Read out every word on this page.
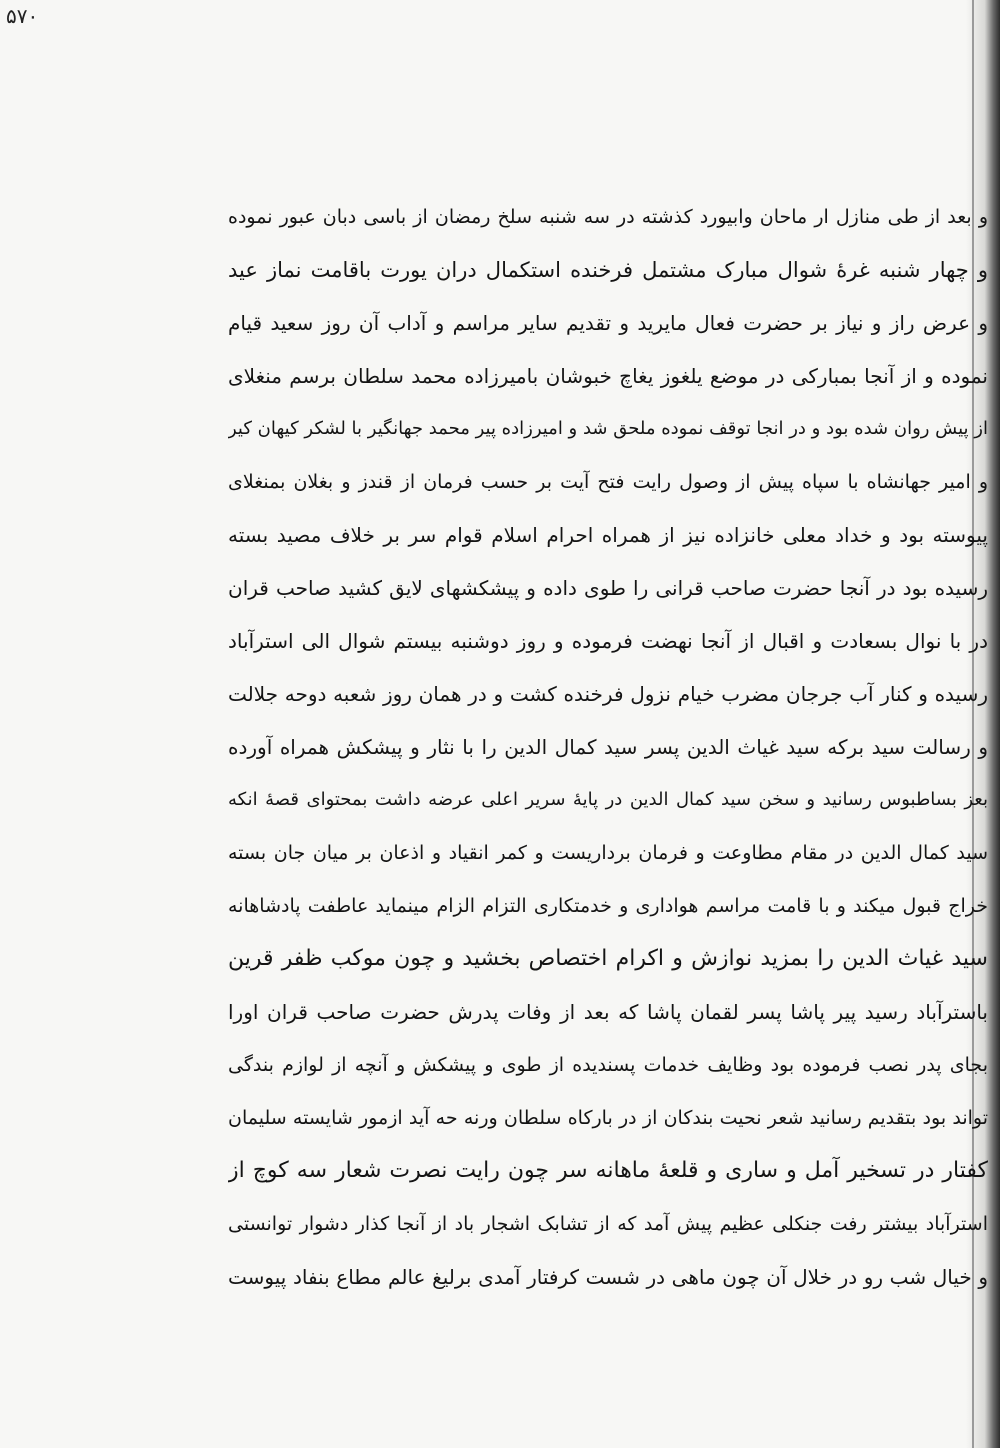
۵۷۰

و بعد از طی منازل ار ماحان وابیورد کذشته در سه شنبه سلخ رمضان از باسی دبان عبور نموده

و چهار شنبه غرهٔ شوال مبارک مشتمل فرخنده استکمال دران یورت باقامت نماز عید

و عرض راز و نیاز بر حضرت فعال مایرید و تقدیم سایر مراسم و آداب آن روز سعید قیام

نموده و از آنجا بمبارکی در موضع یلغوز یغاچ خبوشان بامیرزاده محمد سلطان برسم منغلای

از پیش روان شده بود و در انجا توقف نموده ملحق شد و امیرزاده پیر محمد جهانگیر با لشکر کیهان کیر

و امیر جهانشاه با سپاه پیش از وصول رایت فتح آیت بر حسب فرمان از قندز و بغلان بمنغلای

پیوسته بود و خداد معلی خانزاده نیز از همراه احرام اسلام قوام سر بر خلاف مصید بسته

رسیده بود در آنجا حضرت صاحب قرانی را طوی داده و پیشکشهای لایق کشید صاحب قران

در با نوال بسعادت و اقبال از آنجا نهضت فرموده و روز دوشنبه بیستم شوال الی استرآباد

رسیده و کنار آب جرجان مضرب خیام نزول فرخنده کشت و در همان روز شعبه دوحه جلالت

و رسالت سید برکه سید غیاث الدین پسر سید کمال الدین را با نثار و پیشکش همراه آورده

بعز بساطبوس رسانید و سخن سید کمال الدین در پایهٔ سریر اعلی عرضه داشت بمحتوای قصهٔ انکه

سید کمال الدین در مقام مطاوعت و فرمان برداریست و کمر انقیاد و اذعان بر میان جان بسته

خراج قبول میکند و با قامت مراسم هواداری و خدمتکاری التزام الزام مینماید عاطفت پادشاهانه

سید غیاث الدین را بمزید نوازش و اکرام اختصاص بخشید و چون موکب ظفر قرین

باسترآباد رسید پیر پاشا پسر لقمان پاشا که بعد از وفات پدرش حضرت صاحب قران اورا

بجای پدر نصب فرموده بود وظایف خدمات پسندیده از طوی و پیشکش و آنچه از لوازم بندگی

تواند بود بتقدیم رسانید شعر نحیت بندکان از در بارکاه سلطان ورنه حه آید ازمور شایسته سلیمان

کفتار در تسخیر آمل و ساری و قلعهٔ ماهانه سر چون رایت نصرت شعار سه کوچ از

استرآباد بیشتر رفت جنکلی عظیم پیش آمد که از تشابک اشجار باد از آنجا کذار دشوار توانستی

و خیال شب رو در خلال آن چون ماهی در شست کرفتار آمدی برلیغ عالم مطاع بنفاد پیوست
